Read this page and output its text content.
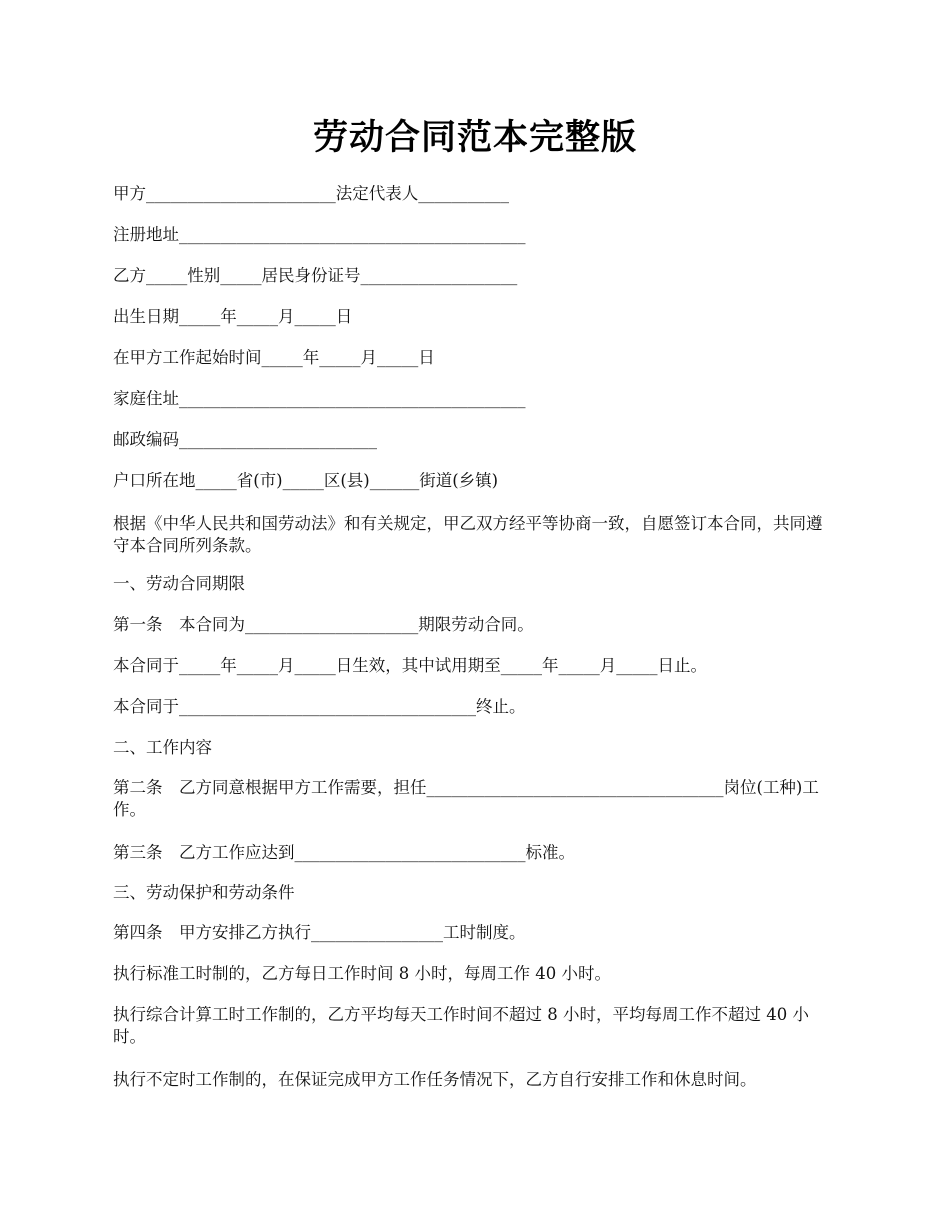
劳动合同范本完整版
甲方_______________________法定代表人___________
注册地址__________________________________________
乙方_____性别_____居民身份证号___________________
出生日期_____年_____月_____日
在甲方工作起始时间_____年_____月_____日
家庭住址__________________________________________
邮政编码________________________
户口所在地_____省(市)_____区(县)______街道(乡镇)
根据《中华人民共和国劳动法》和有关规定，甲乙双方经平等协商一致，自愿签订本合同，共同遵守本合同所列条款。
一、劳动合同期限
第一条　本合同为_____________________期限劳动合同。
本合同于_____年_____月_____日生效，其中试用期至_____年_____月_____日止。
本合同于____________________________________终止。
二、工作内容
第二条　乙方同意根据甲方工作需要，担任____________________________________岗位(工种)工作。
第三条　乙方工作应达到____________________________标准。
三、劳动保护和劳动条件
第四条　甲方安排乙方执行________________工时制度。
执行标准工时制的，乙方每日工作时间 8 小时，每周工作 40 小时。
执行综合计算工时工作制的，乙方平均每天工作时间不超过 8 小时，平均每周工作不超过 40 小时。
执行不定时工作制的，在保证完成甲方工作任务情况下，乙方自行安排工作和休息时间。
